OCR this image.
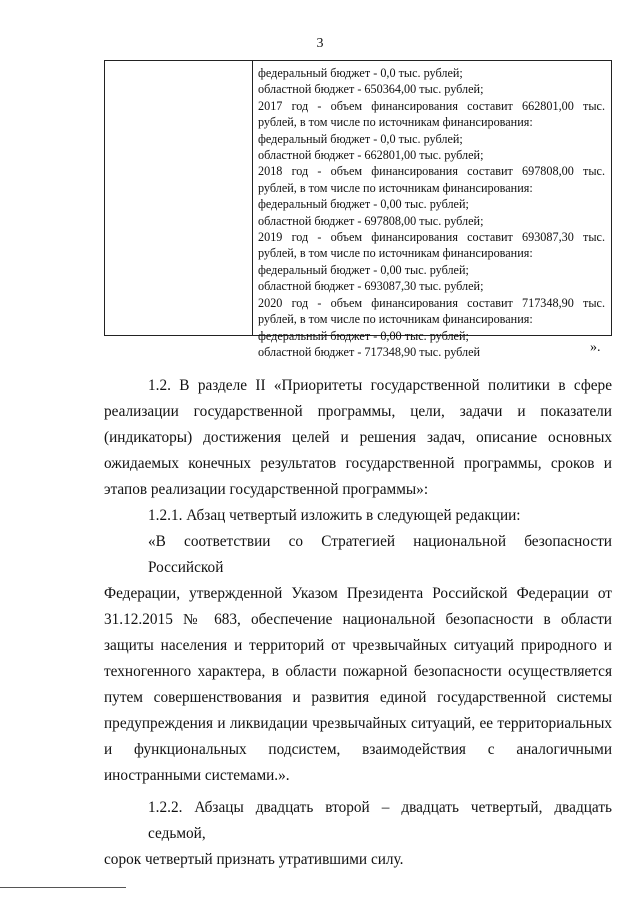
3
федеральный бюджет - 0,0 тыс. рублей;
областной бюджет - 650364,00 тыс. рублей;
2017 год - объем финансирования составит 662801,00 тыс.
рублей, в том числе по источникам финансирования:
федеральный бюджет - 0,0 тыс. рублей;
областной бюджет - 662801,00 тыс. рублей;
2018 год - объем финансирования составит 697808,00 тыс.
рублей, в том числе по источникам финансирования:
федеральный бюджет - 0,00 тыс. рублей;
областной бюджет - 697808,00 тыс. рублей;
2019 год - объем финансирования составит 693087,30 тыс.
рублей, в том числе по источникам финансирования:
федеральный бюджет - 0,00 тыс. рублей;
областной бюджет - 693087,30 тыс. рублей;
2020 год - объем финансирования составит 717348,90 тыс.
рублей, в том числе по источникам финансирования:
федеральный бюджет - 0,00 тыс. рублей;
областной бюджет - 717348,90 тыс. рублей	».
1.2. В разделе II «Приоритеты государственной политики в сфере
реализации государственной программы, цели, задачи и показатели
(индикаторы) достижения целей и решения задач, описание основных
ожидаемых конечных результатов государственной программы, сроков и
этапов реализации государственной программы»:
1.2.1. Абзац четвертый изложить в следующей редакции:
«В соответствии со Стратегией национальной безопасности Российской
Федерации, утвержденной Указом Президента Российской Федерации от
31.12.2015 № 683, обеспечение национальной безопасности в области
защиты населения и территорий от чрезвычайных ситуаций природного и
техногенного характера, в области пожарной безопасности осуществляется
путем совершенствования и развития единой государственной системы
предупреждения и ликвидации чрезвычайных ситуаций, ее территориальных
и функциональных подсистем, взаимодействия с аналогичными
иностранными системами.».
1.2.2. Абзацы двадцать второй – двадцать четвертый, двадцать седьмой,
сорок четвертый признать утратившими силу.
